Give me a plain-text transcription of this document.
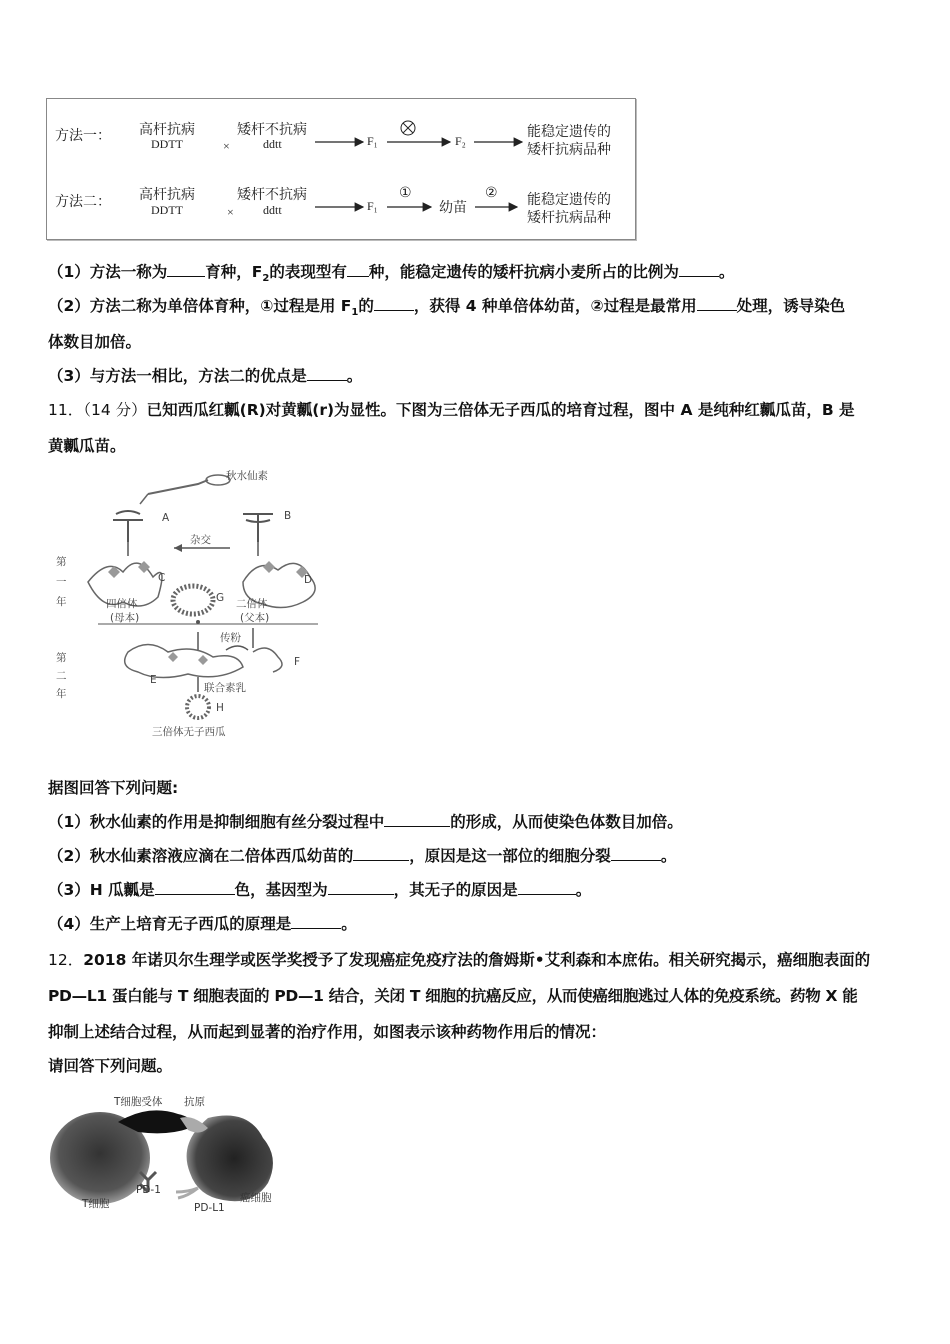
方法一： 高杆抗病
DDTT	×
矮杆不抗病
ddtt	F₁	F₂
能稳定遗传的
矮杆抗病品种
方法二： 高杆抗病
DDTT	×
矮杆不抗病
ddtt	F₁
①
幼苗
② 能稳定遗传的
矮杆抗病品种
（1）方法一称为 育种，$F_2$的表现型有 种，能稳定遗传的矮杆抗病小麦所占的比例为	。
（2）方法二称为单倍体育种，①过程是用 $F_1$的	，获得 4 种单倍体幼苗，②过程是最常用	处理，诱导染色
体数目加倍。
（3）与方法一相比，方法二的优点是	。
11．（14 分）已知西瓜红瓤(R)对黄瓤(r)为显性。下图为三倍体无子西瓜的培育过程，图中 A 是纯种红瓤瓜苗，B 是
黄瓤瓜苗。
秋水仙素
A	B
杂交
C	D
G
四倍体
(母本)
二倍体
(父本)
第
一
年
第
二
年
传粉
E
F
联合素乳
H
三倍体无子西瓜
据图回答下列问题:
（1）秋水仙素的作用是抑制细胞有丝分裂过程中	的形成，从而使染色体数目加倍。
（2）秋水仙素溶液应滴在二倍体西瓜幼苗的	，原因是这一部位的细胞分裂	。
（3）H 瓜瓤是	色，基因型为	，其无子的原因是	。
（4）生产上培育无子西瓜的原理是	。
12．2018 年诺贝尔生理学或医学奖授予了发现癌症免疫疗法的詹姆斯•艾利森和本庶佑。相关研究揭示，癌细胞表面的
PD—L1 蛋白能与 T 细胞表面的 PD—1 结合，关闭 T 细胞的抗癌反应，从而使癌细胞逃过人体的免疫系统。药物 X 能
抑制上述结合过程，从而起到显著的治疗作用，如图表示该种药物作用后的情况：
请回答下列问题。
T细胞受体 抗原
PD-1
T细胞	PD-L1
癌细胞
